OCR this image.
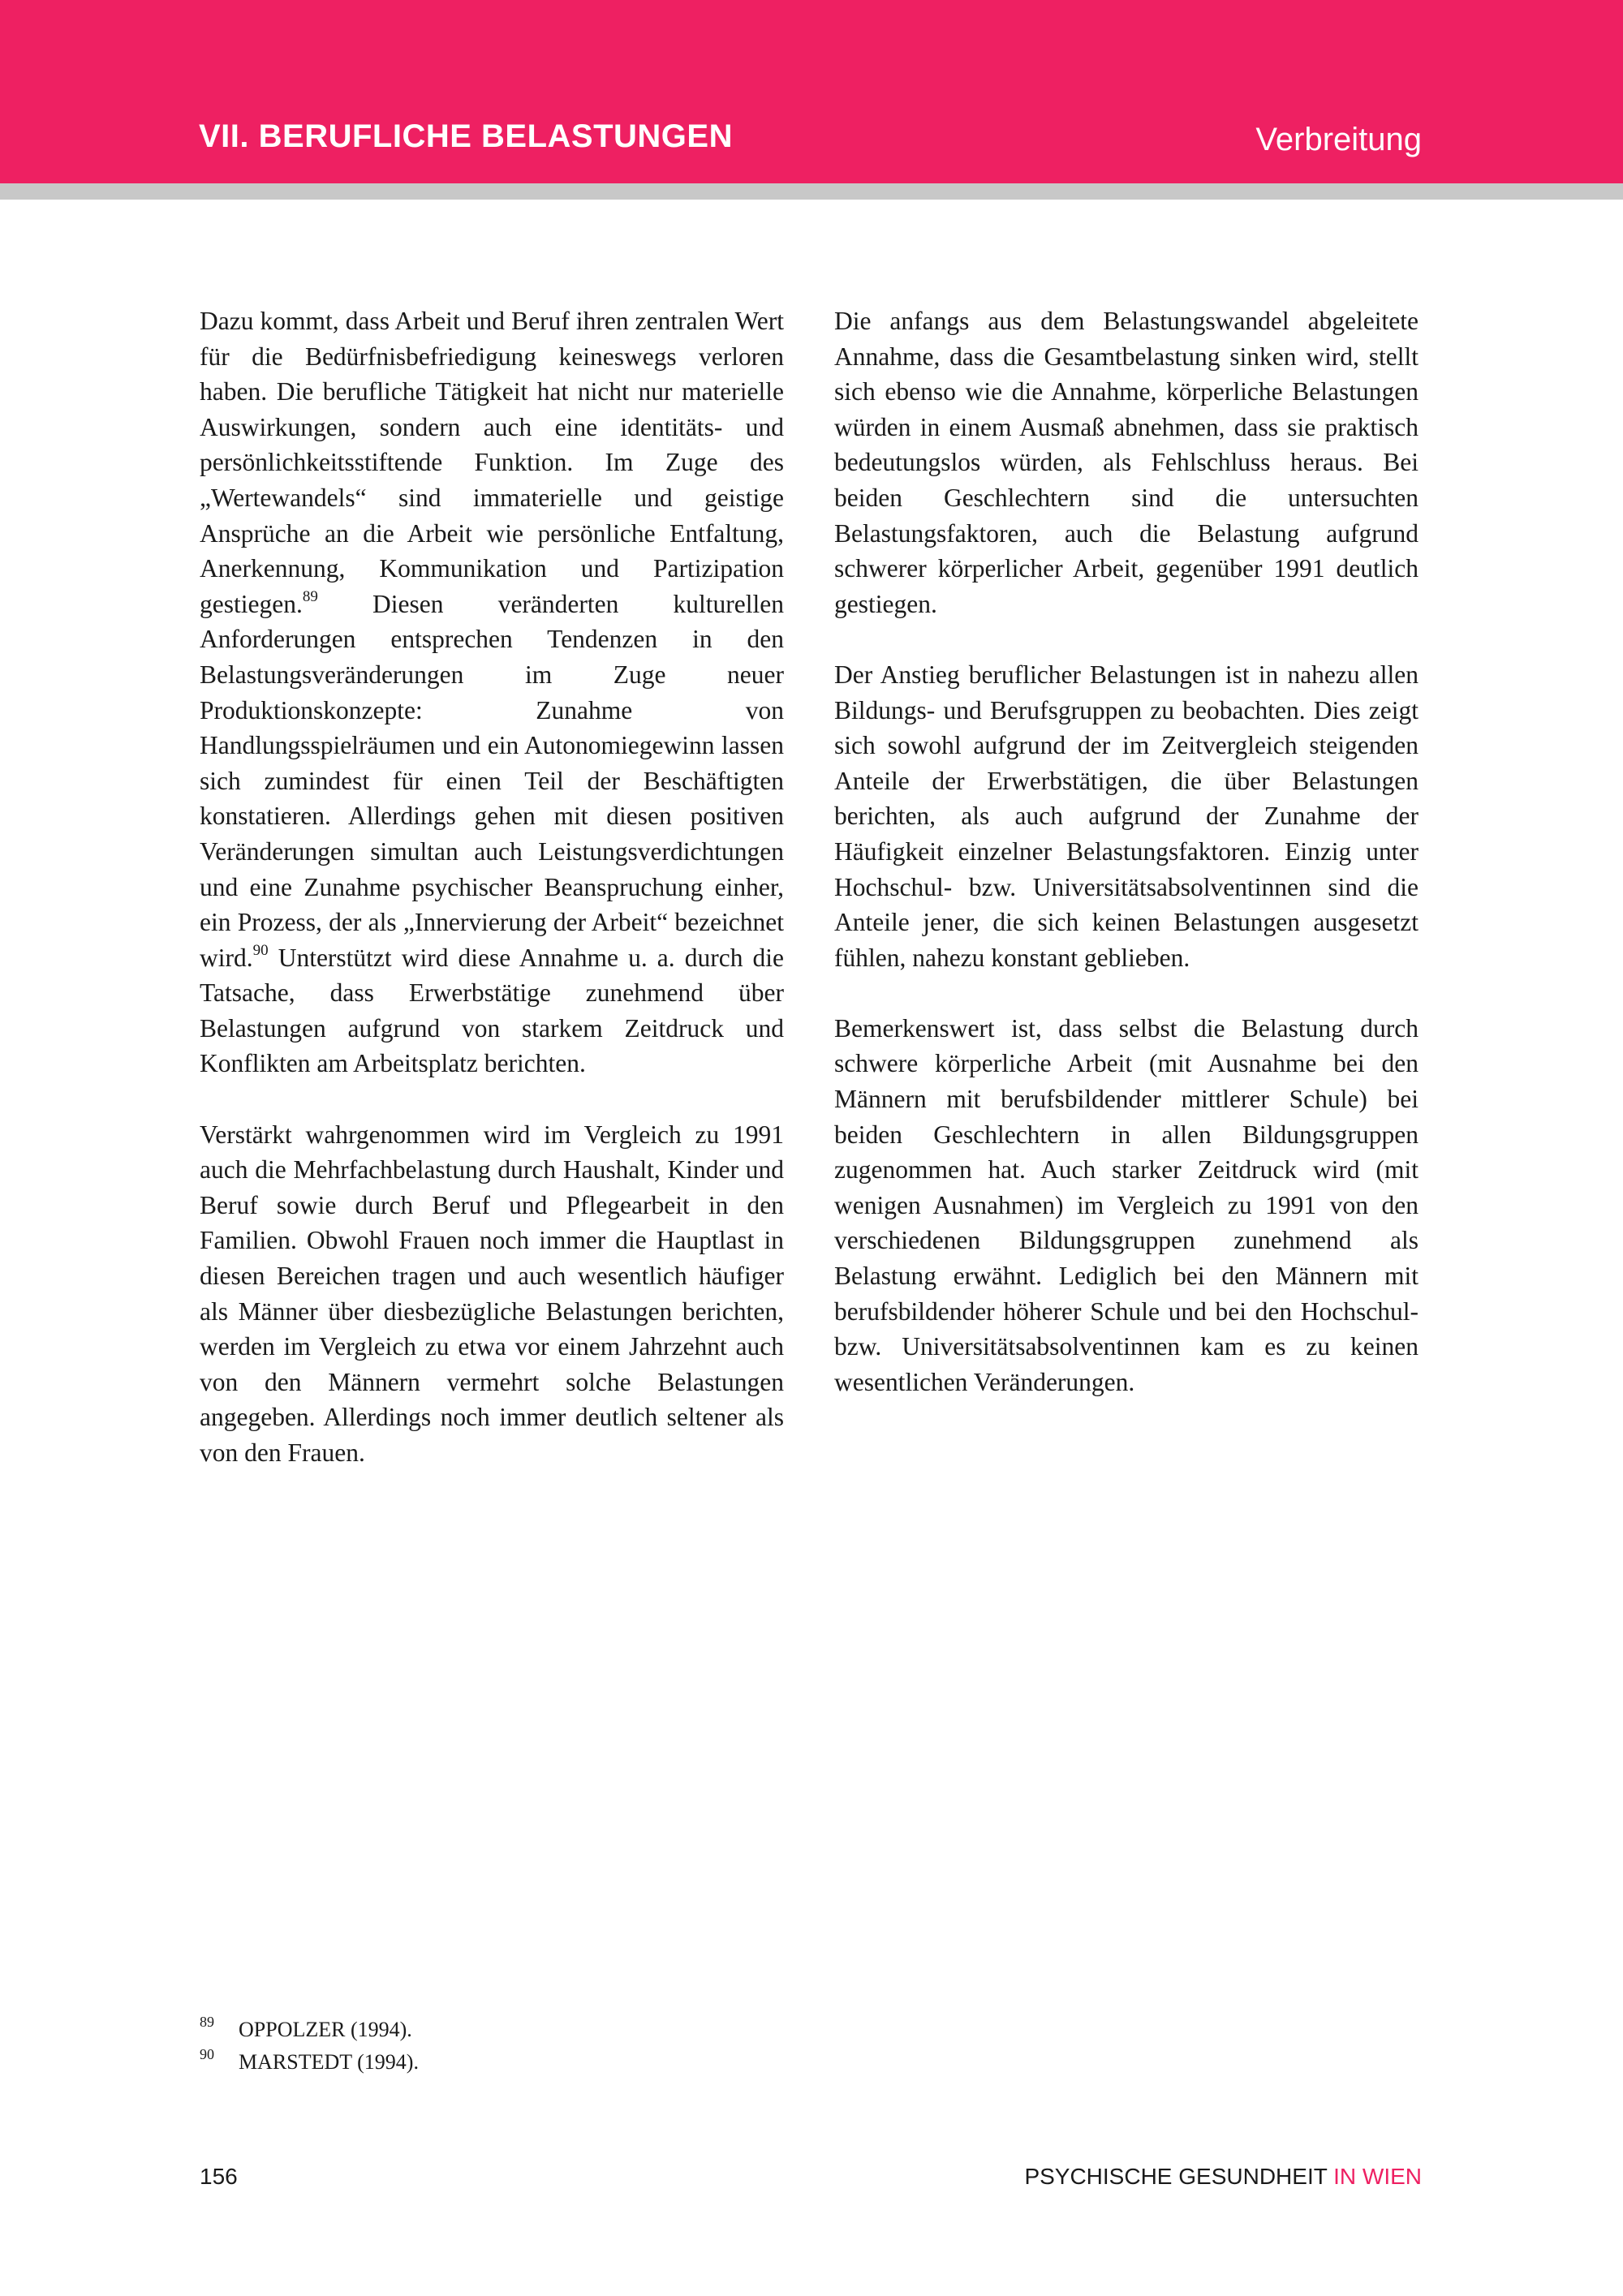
VII. BERUFLICHE BELASTUNGEN	Verbreitung

Dazu kommt, dass Arbeit und Beruf ihren zentralen Wert für die Bedürfnisbefriedigung keineswegs verloren haben. Die berufliche Tätigkeit hat nicht nur materielle Auswirkungen, sondern auch eine identitäts- und persönlichkeitsstiftende Funktion. Im Zuge des „Wertewandels“ sind immaterielle und geistige Ansprüche an die Arbeit wie persönliche Entfaltung, Anerkennung, Kommunikation und Partizipation gestiegen.$^{89}$ Diesen veränderten kulturellen Anforderungen entsprechen Tendenzen in den Belastungsveränderungen im Zuge neuer Produktionskonzepte: Zunahme von Handlungsspielräumen und ein Autonomiegewinn lassen sich zumindest für einen Teil der Beschäftigten konstatieren. Allerdings gehen mit diesen positiven Veränderungen simultan auch Leistungsverdichtungen und eine Zunahme psychischer Beanspruchung einher, ein Prozess, der als „Innervierung der Arbeit“ bezeichnet wird.$^{90}$ Unterstützt wird diese Annahme u. a. durch die Tatsache, dass Erwerbstätige zunehmend über Belastungen aufgrund von starkem Zeitdruck und Konflikten am Arbeitsplatz berichten.

Verstärkt wahrgenommen wird im Vergleich zu 1991 auch die Mehrfachbelastung durch Haushalt, Kinder und Beruf sowie durch Beruf und Pflegearbeit in den Familien. Obwohl Frauen noch immer die Hauptlast in diesen Bereichen tragen und auch wesentlich häufiger als Männer über diesbezügliche Belastungen berichten, werden im Vergleich zu etwa vor einem Jahrzehnt auch von den Männern vermehrt solche Belastungen angegeben. Allerdings noch immer deutlich seltener als von den Frauen.

Die anfangs aus dem Belastungswandel abgeleitete Annahme, dass die Gesamtbelastung sinken wird, stellt sich ebenso wie die Annahme, körperliche Belastungen würden in einem Ausmaß abnehmen, dass sie praktisch bedeutungslos würden, als Fehlschluss heraus. Bei beiden Geschlechtern sind die untersuchten Belastungsfaktoren, auch die Belastung aufgrund schwerer körperlicher Arbeit, gegenüber 1991 deutlich gestiegen.

Der Anstieg beruflicher Belastungen ist in nahezu allen Bildungs- und Berufsgruppen zu beobachten. Dies zeigt sich sowohl aufgrund der im Zeitvergleich steigenden Anteile der Erwerbstätigen, die über Belastungen berichten, als auch aufgrund der Zunahme der Häufigkeit einzelner Belastungsfaktoren. Einzig unter Hochschul- bzw. Universitätsabsolventinnen sind die Anteile jener, die sich keinen Belastungen ausgesetzt fühlen, nahezu konstant geblieben.

Bemerkenswert ist, dass selbst die Belastung durch schwere körperliche Arbeit (mit Ausnahme bei den Männern mit berufsbildender mittlerer Schule) bei beiden Geschlechtern in allen Bildungsgruppen zugenommen hat. Auch starker Zeitdruck wird (mit wenigen Ausnahmen) im Vergleich zu 1991 von den verschiedenen Bildungsgruppen zunehmend als Belastung erwähnt. Lediglich bei den Männern mit berufsbildender höherer Schule und bei den Hochschul- bzw. Universitätsabsolventinnen kam es zu keinen wesentlichen Veränderungen.

89 OPPOLZER (1994).
90 MARSTEDT (1994).
156	PSYCHISCHE GESUNDHEIT IN WIEN
